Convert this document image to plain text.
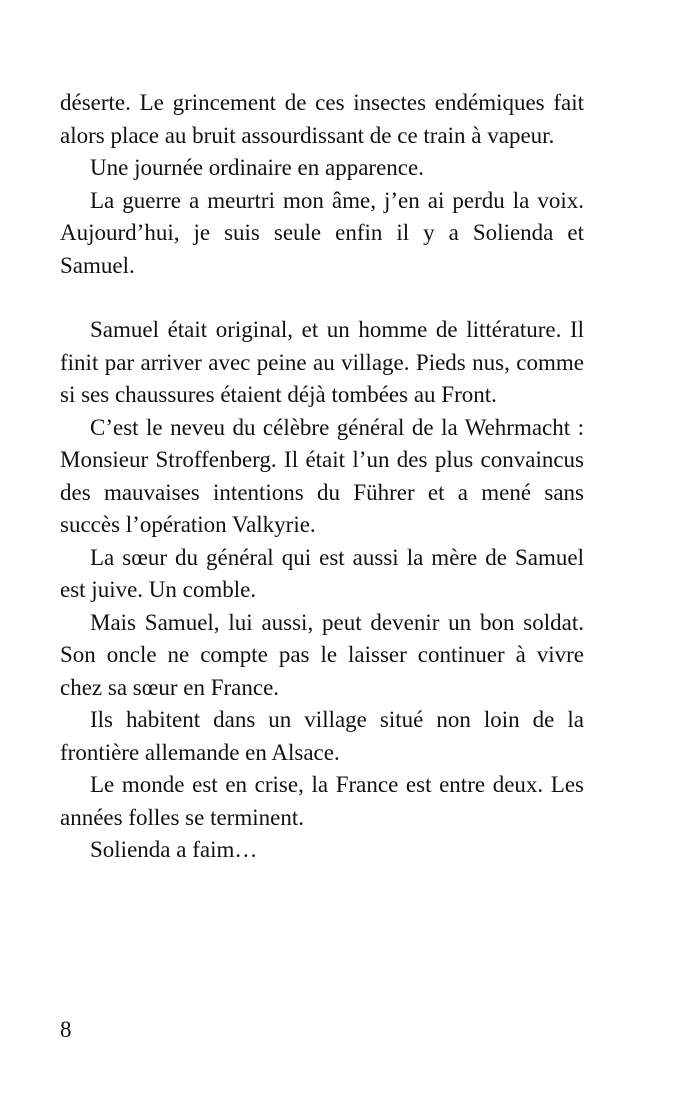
déserte. Le grincement de ces insectes endémiques fait alors place au bruit assourdissant de ce train à vapeur.

Une journée ordinaire en apparence.

La guerre a meurtri mon âme, j’en ai perdu la voix. Aujourd’hui, je suis seule enfin il y a Solienda et Samuel.

Samuel était original, et un homme de littérature. Il finit par arriver avec peine au village. Pieds nus, comme si ses chaussures étaient déjà tombées au Front.

C’est le neveu du célèbre général de la Wehrmacht : Monsieur Stroffenberg. Il était l’un des plus convaincus des mauvaises intentions du Führer et a mené sans succès l’opération Valkyrie.

La sœur du général qui est aussi la mère de Samuel est juive. Un comble.

Mais Samuel, lui aussi, peut devenir un bon soldat. Son oncle ne compte pas le laisser continuer à vivre chez sa sœur en France.

Ils habitent dans un village situé non loin de la frontière allemande en Alsace.

Le monde est en crise, la France est entre deux. Les années folles se terminent.

Solienda a faim…

8
